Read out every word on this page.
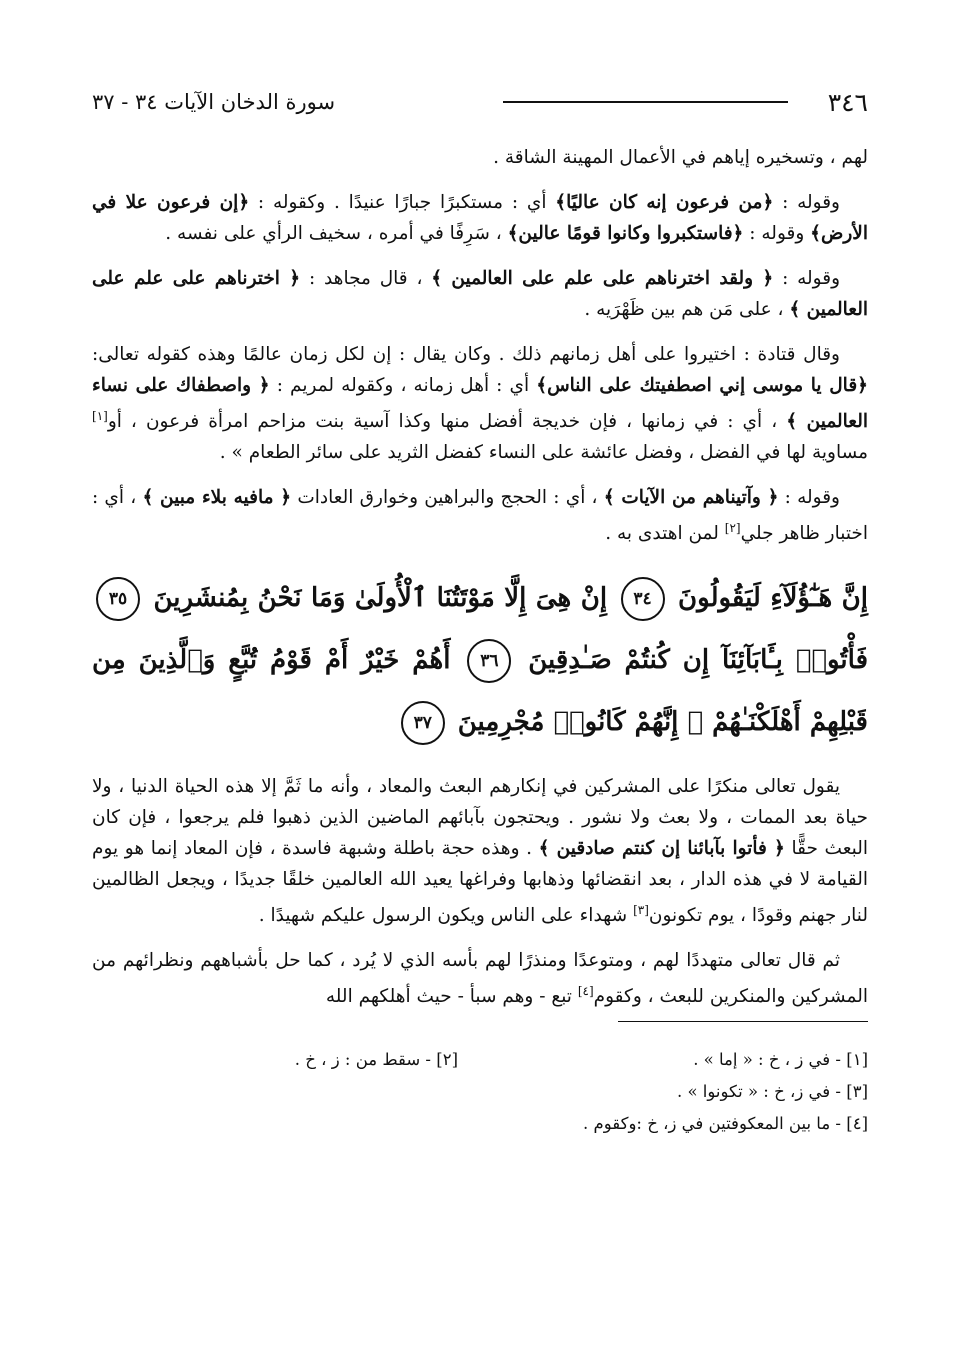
٣٤٦
سورة الدخان الآيات ٣٤ - ٣٧

لهم ، وتسخيره إياهم في الأعمال المهينة الشاقة .

وقوله : ﴿من فرعون إنه كان عاليًا﴾ أي : مستكبرًا جبارًا عنيدًا . وكقوله : ﴿إن فرعون علا في الأرض﴾ وقوله : ﴿فاستكبروا وكانوا قومًا عالين﴾ ، سَرِفًا في أمره ، سخيف الرأي على نفسه .

وقوله : ﴿ ولقد اخترناهم على علم على العالمين ﴾ ، قال مجاهد : ﴿ اخترناهم على علم على العالمين ﴾ ، على مَن هم بين ظَهْرَيه .

وقال قتادة : اختيروا على أهل زمانهم ذلك . وكان يقال : إن لكل زمان عالمًا وهذه كقوله تعالى: ﴿قال يا موسى إني اصطفيتك على الناس﴾ أي : أهل زمانه ، وكقوله لمريم : ﴿ واصطفاك على نساء العالمين ﴾ ، أي : في زمانها ، فإن خديجة أفضل منها وكذا آسية بنت مزاحم امرأة فرعون ، أو[١] مساوية لها في الفضل ، وفضل عائشة على النساء كفضل الثريد على سائر الطعام » .

وقوله : ﴿ وآتيناهم من الآيات ﴾ ، أي : الحجج والبراهين وخوارق العادات ﴿ مافيه بلاء مبين ﴾ ، أي : اختبار ظاهر جلي[٢] لمن اهتدى به .

إِنَّ هَـٰٓؤُلَآءِ لَيَقُولُونَ ٣٤ إِنْ هِىَ إِلَّا مَوْتَتُنَا ٱلْأُولَىٰ وَمَا نَحْنُ بِمُنشَرِينَ ٣٥ فَأْتُوا۟ بِـَٔابَآئِنَآ إِن كُنتُمْ صَـٰدِقِينَ ٣٦ أَهُمْ خَيْرٌ أَمْ قَوْمُ تُبَّعٍ وَٱلَّذِينَ مِن قَبْلِهِمْ أَهْلَكْنَـٰهُمْ ۖ إِنَّهُمْ كَانُوا۟ مُجْرِمِينَ ٣٧

يقول تعالى منكرًا على المشركين في إنكارهم البعث والمعاد ، وأنه ما ثَمَّ إلا هذه الحياة الدنيا ، ولا حياة بعد الممات ، ولا بعث ولا نشور . ويحتجون بآبائهم الماضين الذين ذهبوا فلم يرجعوا ، فإن كان البعث حقًّا ﴿ فأتوا بآبائنا إن كنتم صادقين ﴾ . وهذه حجة باطلة وشبهة فاسدة ، فإن المعاد إنما هو يوم القيامة لا في هذه الدار ، بعد انقضائها وذهابها وفراغها يعيد الله العالمين خلقًا جديدًا ، ويجعل الظالمين لنار جهنم وقودًا ، يوم تكونون[٣] شهداء على الناس ويكون الرسول عليكم شهيدًا .

ثم قال تعالى متهددًا لهم ، ومتوعدًا ومنذرًا لهم بأسه الذي لا يُرد ، كما حل بأشباههم ونظرائهم من المشركين والمنكرين للبعث ، وكقوم[٤] تبع - وهم سبأ - حيث أهلكهم الله

[١] - في ز ، خ : « إما » .
[٢] - سقط من : ز ، خ .
[٣] - في ز، خ : « تكونوا » .
[٤] - ما بين المعكوفتين في ز، خ :وكقوم .
